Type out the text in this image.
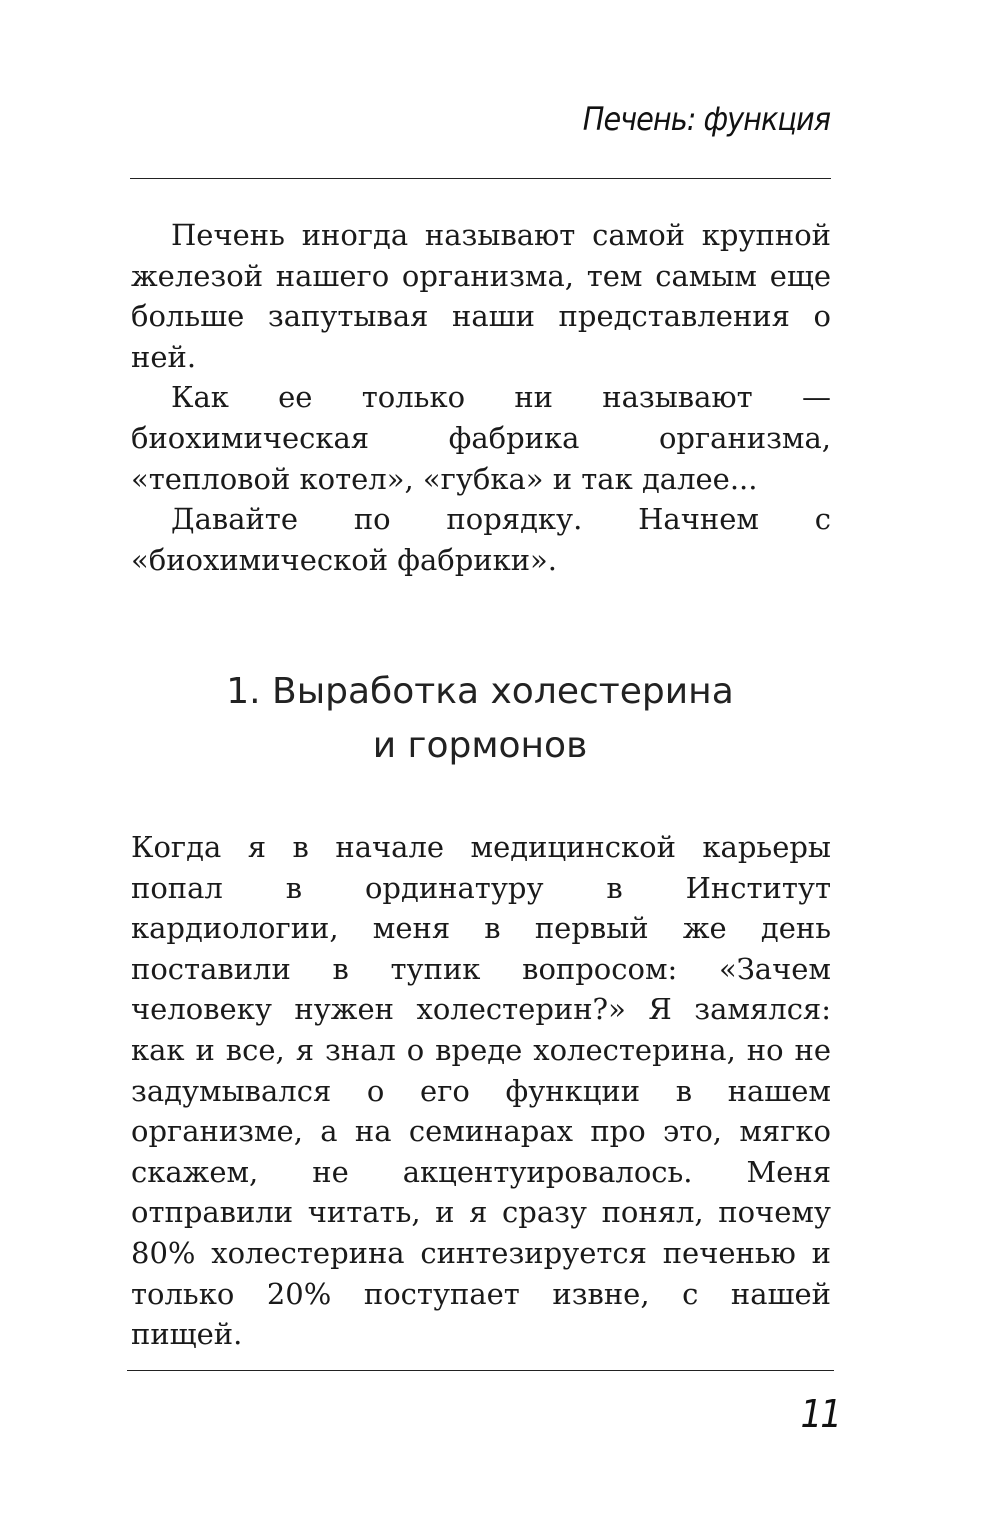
Печень: функция

Печень иногда называют самой крупной железой нашего организма, тем самым еще больше запутывая наши представления о ней.

Как ее только ни называют — биохимическая фабрика организма, «тепловой котел», «губка» и так далее...

Давайте по порядку. Начнем с «биохимической фабрики».

1. Выработка холестерина
и гормонов

Когда я в начале медицинской карьеры попал в ординатуру в Институт кардиологии, меня в первый же день поставили в тупик вопросом: «Зачем человеку нужен холестерин?» Я замялся: как и все, я знал о вреде холестерина, но не задумывался о его функции в нашем организме, а на семинарах про это, мягко скажем, не акцентуировалось. Меня отправили читать, и я сразу понял, почему 80% холестерина синтезируется печенью и только 20% поступает извне, с нашей пищей.

11
